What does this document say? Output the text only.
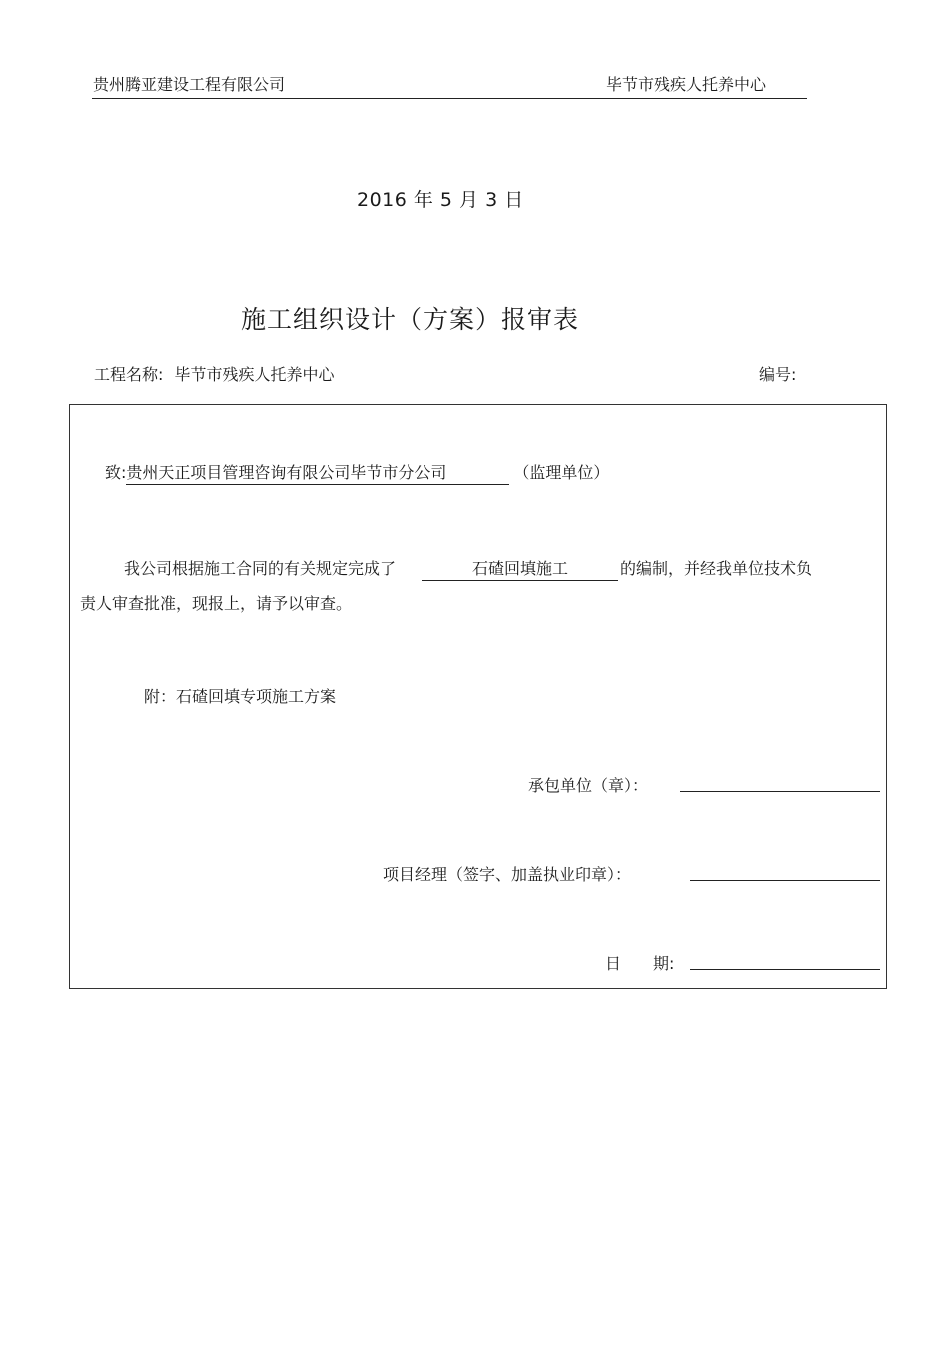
贵州腾亚建设工程有限公司	毕节市残疾人托养中心
2016 年 5 月 3 日
施工组织设计（方案）报审表
工程名称: 毕节市残疾人托养中心	编号:
致:贵州天正项目管理咨询有限公司毕节市分公司	（监理单位）
我公司根据施工合同的有关规定完成了	石碴回填施工	的编制，并经我单位技术负
责人审查批准，现报上，请予以审查。
附：石碴回填专项施工方案
承包单位（章）：
项目经理（签字、加盖执业印章）：
日　　期:
